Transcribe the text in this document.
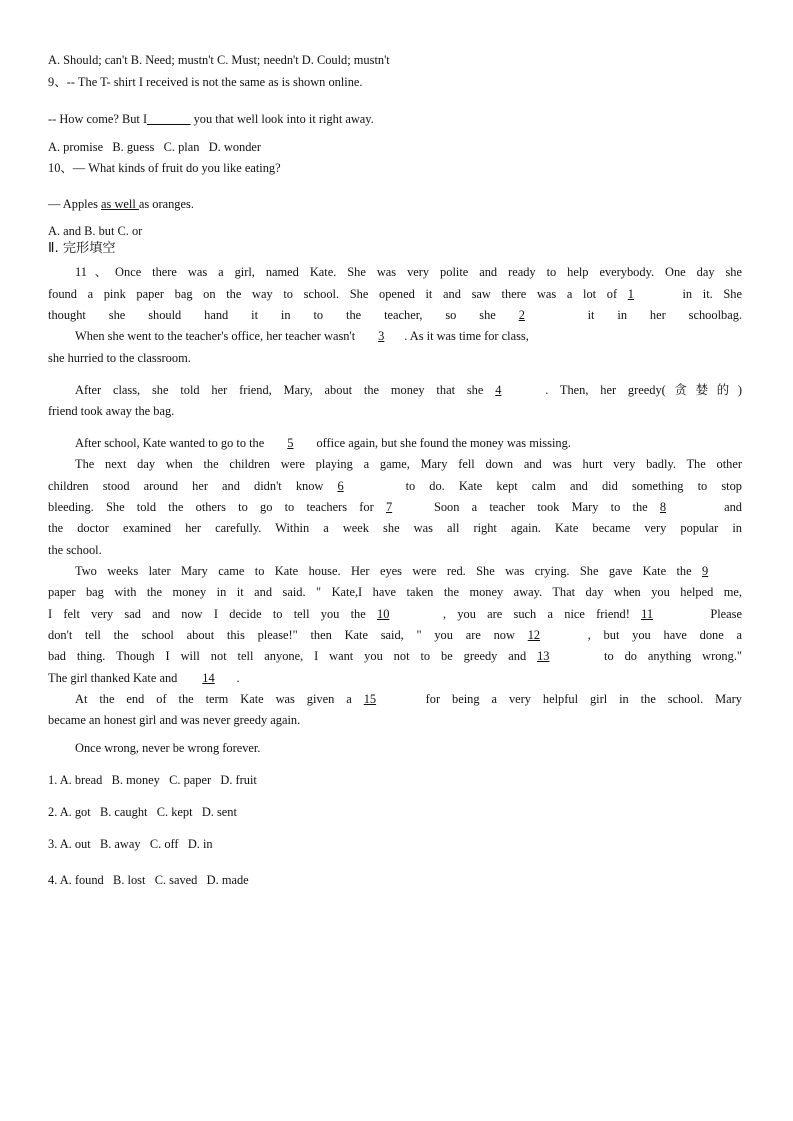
A. Should; can't B. Need; mustn't C. Must; needn't D. Could; mustn't
9、-- The T- shirt I received is not the same as is shown online.
-- How come? But I_______ you that well look into it right away.
A. promise   B. guess   C. plan   D. wonder
10、— What kinds of fruit do you like eating?
— Apples as well as oranges.
A. and B. but C. or
Ⅱ. 完形填空
11、Once there was a girl, named Kate. She was very polite and ready to help everybody. One day she
found a pink paper bag on the way to school. She opened it and saw there was a lot of 1	in it. She
thought she should hand it in to the teacher, so she 2	it in her schoolbag.
When she went to the teacher's office, her teacher wasn't 3 . As it was time for class,
she hurried to the classroom.
After class, she told her friend, Mary, about the money that she 4	. Then, her greedy(贪婪的)
friend took away the bag.
After school, Kate wanted to go to the 5 office again, but she found the money was missing.
The next day when the children were playing a game, Mary fell down and was hurt very badly. The other
children stood around her and didn't know 6	to do. Kate kept calm and did something to stop
bleeding. She told the others to go to teachers for 7	Soon a teacher took Mary to the 8	and
the doctor examined her carefully. Within a week she was all right again. Kate became very popular in
the school.
Two weeks later Mary came to Kate house. Her eyes were red. She was crying. She gave Kate the 9
paper bag with the money in it and said. " Kate,I have taken the money away. That day when you helped me,
I felt very sad and now I decide to tell you the 10	, you are such a nice friend! 11	Please
don't tell the school about this please!" then Kate said, " you are now 12	, but you have done a
bad thing. Though I will not tell anyone, I want you not to be greedy and 13	to do anything wrong."
The girl thanked Kate and 14 .
At the end of the term Kate was given a 15	for being a very helpful girl in the school. Mary
became an honest girl and was never greedy again.
Once wrong, never be wrong forever.
1. A. bread   B. money   C. paper   D. fruit
2. A. got   B. caught   C. kept   D. sent
3. A. out   B. away   C. off   D. in
4. A. found   B. lost   C. saved   D. made
